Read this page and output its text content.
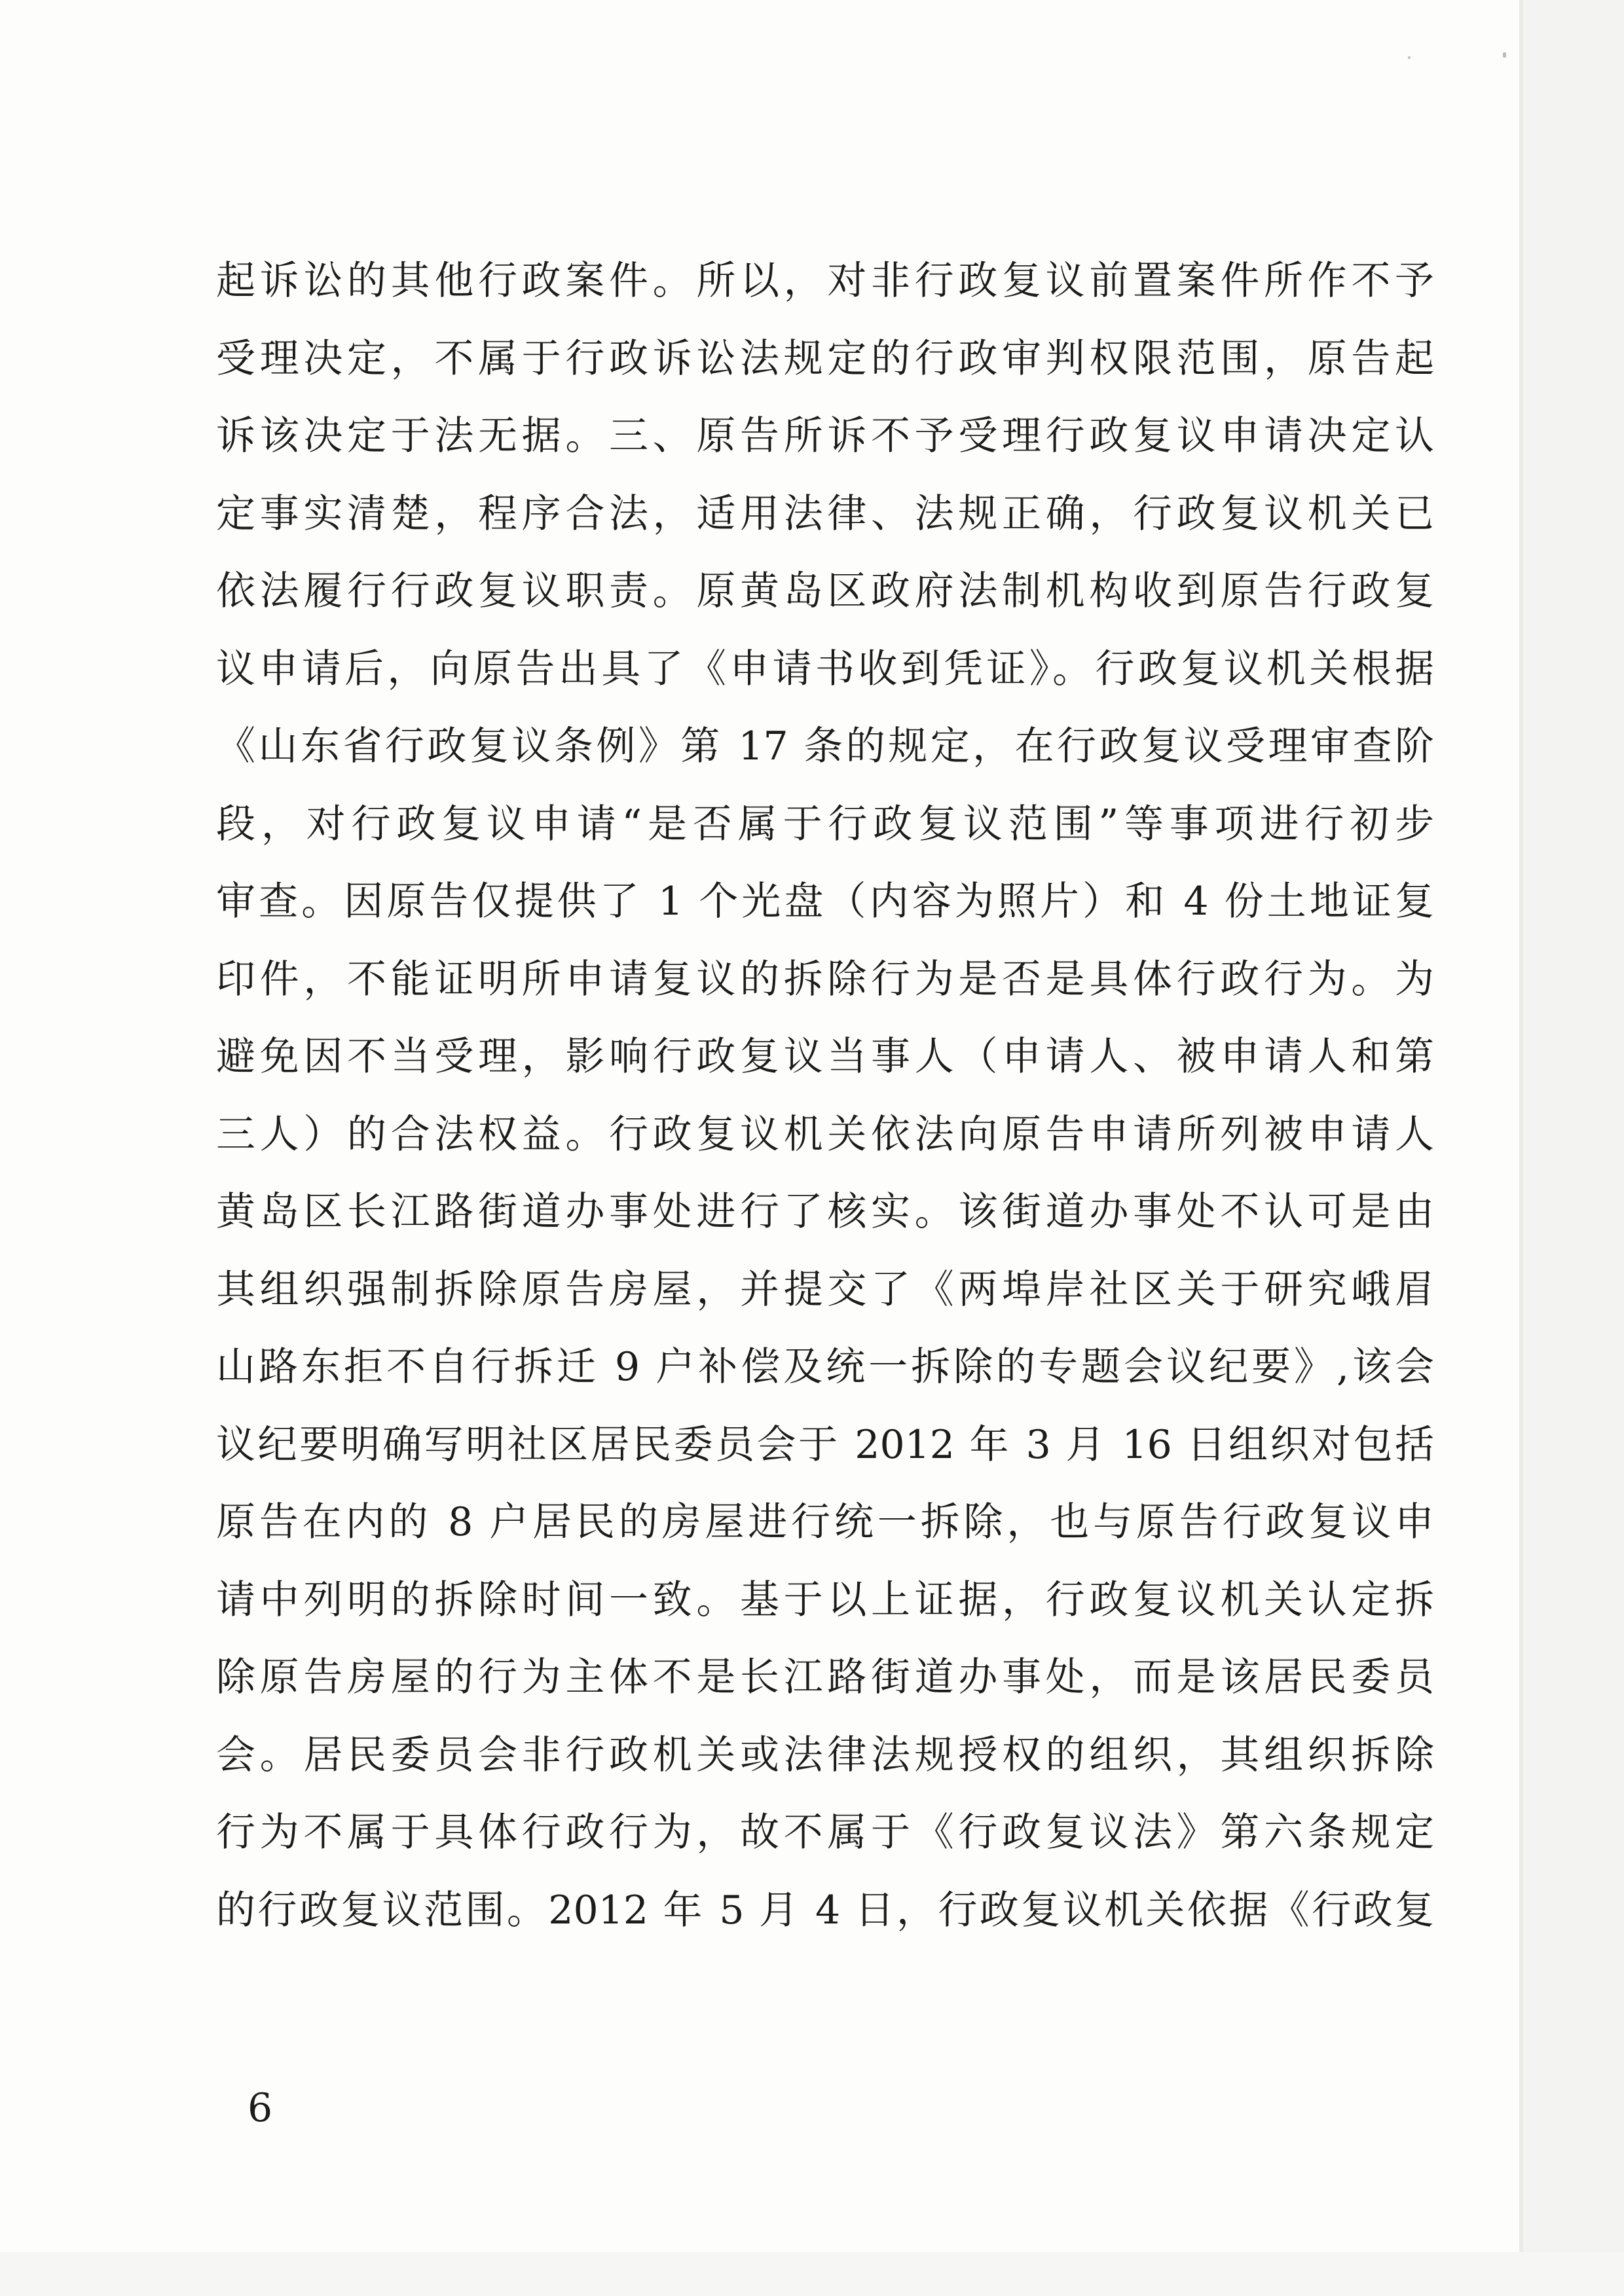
起诉讼的其他行政案件。所以，对非行政复议前置案件所作不予
受理决定，不属于行政诉讼法规定的行政审判权限范围，原告起
诉该决定于法无据。三、原告所诉不予受理行政复议申请决定认
定事实清楚，程序合法，适用法律、法规正确，行政复议机关已
依法履行行政复议职责。原黄岛区政府法制机构收到原告行政复
议申请后，向原告出具了《申请书收到凭证》。行政复议机关根据
《山东省行政复议条例》第 17 条的规定，在行政复议受理审查阶
段，对行政复议申请“是否属于行政复议范围”等事项进行初步
审查。因原告仅提供了 1 个光盘（内容为照片）和 4 份土地证复
印件，不能证明所申请复议的拆除行为是否是具体行政行为。为
避免因不当受理，影响行政复议当事人（申请人、被申请人和第
三人）的合法权益。行政复议机关依法向原告申请所列被申请人
黄岛区长江路街道办事处进行了核实。该街道办事处不认可是由
其组织强制拆除原告房屋，并提交了《两埠岸社区关于研究峨眉
山路东拒不自行拆迁 9 户补偿及统一拆除的专题会议纪要》,该会
议纪要明确写明社区居民委员会于 2012 年 3 月 16 日组织对包括
原告在内的 8 户居民的房屋进行统一拆除，也与原告行政复议申
请中列明的拆除时间一致。基于以上证据，行政复议机关认定拆
除原告房屋的行为主体不是长江路街道办事处，而是该居民委员
会。居民委员会非行政机关或法律法规授权的组织，其组织拆除
行为不属于具体行政行为，故不属于《行政复议法》第六条规定
的行政复议范围。2012 年 5 月 4 日，行政复议机关依据《行政复
6
